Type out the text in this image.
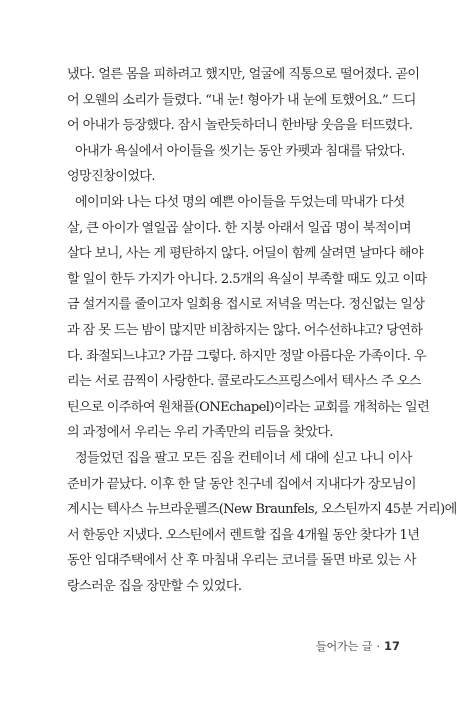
냈다. 얼른 몸을 피하려고 했지만, 얼굴에 직통으로 떨어졌다. 곧이
어 오웬의 소리가 들렸다. “내 눈! 형아가 내 눈에 토했어요.” 드디
어 아내가 등장했다. 잠시 놀란듯하더니 한바탕 웃음을 터뜨렸다.
아내가 욕실에서 아이들을 씻기는 동안 카펫과 침대를 닦았다.
엉망진창이었다.
에이미와 나는 다섯 명의 예쁜 아이들을 두었는데 막내가 다섯
살, 큰 아이가 열일곱 살이다. 한 지붕 아래서 일곱 명이 북적이며
살다 보니, 사는 게 평탄하지 않다. 어딜이 함께 살려면 날마다 해야
할 일이 한두 가지가 아니다. 2.5개의 욕실이 부족할 때도 있고 이따
금 설거지를 줄이고자 일회용 접시로 저녁을 먹는다. 정신없는 일상
과 잠 못 드는 밤이 많지만 비참하지는 않다. 어수선하냐고? 당연하
다. 좌절되느냐고? 가끔 그렇다. 하지만 정말 아름다운 가족이다. 우
리는 서로 끔찍이 사랑한다. 콜로라도스프링스에서 텍사스 주 오스
틴으로 이주하여 원채플(ONEchapel)이라는 교회를 개척하는 일련
의 과정에서 우리는 우리 가족만의 리듬을 찾았다.
정들었던 집을 팔고 모든 짐을 컨테이너 세 대에 싣고 나니 이사
준비가 끝났다. 이후 한 달 동안 친구네 집에서 지내다가 장모님이
계시는 텍사스 뉴브라운펠즈(New Braunfels, 오스틴까지 45분 거리)에
서 한동안 지냈다. 오스틴에서 렌트할 집을 4개월 동안 찾다가 1년
동안 임대주택에서 산 후 마침내 우리는 코너를 돌면 바로 있는 사
랑스러운 집을 장만할 수 있었다.
들어가는 글 · 17
